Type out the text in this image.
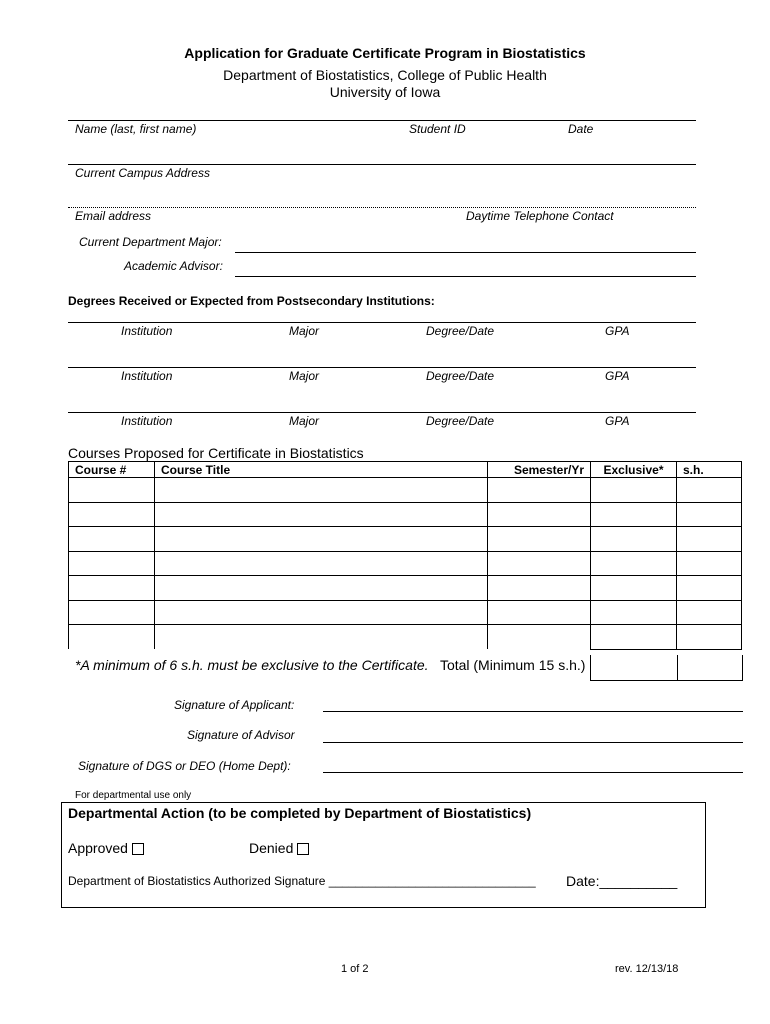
Application for Graduate Certificate Program in Biostatistics
Department of Biostatistics, College of Public Health
University of Iowa
Name (last, first name)	Student ID	Date
Current Campus Address
Email address	Daytime Telephone Contact
Current Department Major:
Academic Advisor:
Degrees Received or Expected from Postsecondary Institutions:
Institution	Major	Degree/Date	GPA
Institution	Major	Degree/Date	GPA
Institution	Major	Degree/Date	GPA
Courses Proposed for Certificate in Biostatistics
Course #	Course Title	Semester/Yr	Exclusive*	s.h.

*A minimum of 6 s.h. must be exclusive to the Certificate. Total (Minimum 15 s.h.)
Signature of Applicant:
Signature of Advisor
Signature of DGS or DEO (Home Dept):
For departmental use only
Departmental Action (to be completed by Department of Biostatistics)
Approved	Denied
Department of Biostatistics Authorized Signature _______________________________ Date:__________
1 of 2	rev. 12/13/18
